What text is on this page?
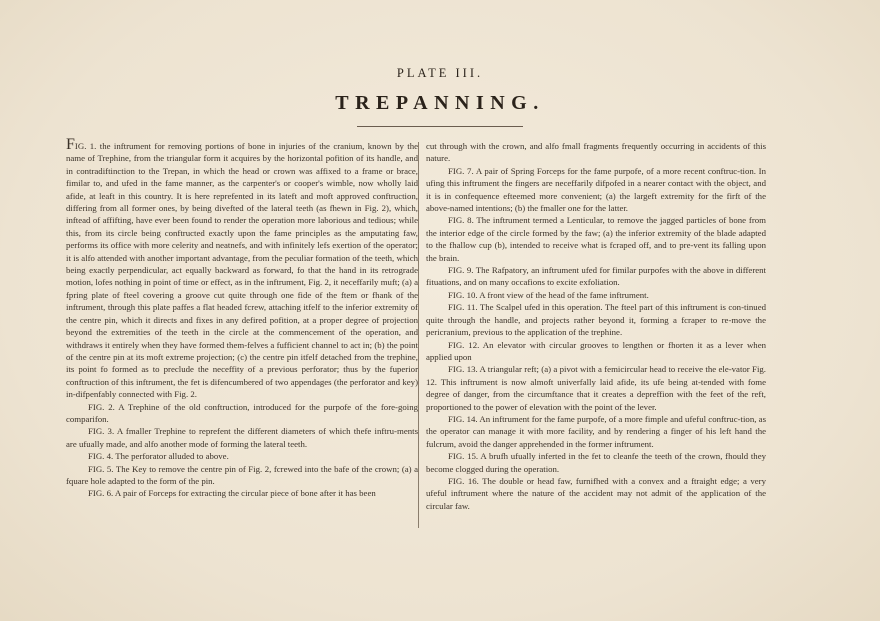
PLATE III.
TREPANNING.

FIG. 1. the inftrument for removing portions of bone in injuries of the cranium, known by the name of Trephine, from the triangular form it acquires by the horizontal pofition of its handle, and in contradiftinction to the Trepan, in which the head or crown was affixed to a frame or brace, fimilar to, and ufed in the fame manner, as the carpenter's or cooper's wimble, now wholly laid afide, at leaft in this country. It is here reprefented in its lateft and moft approved conftruction, differing from all former ones, by being divefted of the lateral teeth (as fhewn in Fig. 2), which, inftead of affifting, have ever been found to render the operation more laborious and tedious; while this, from its circle being conftructed exactly upon the fame principles as the amputating faw, performs its office with more celerity and neatnefs, and with infinitely lefs exertion of the operator; it is alfo attended with another important advantage, from the peculiar formation of the teeth, which being exactly perpendicular, act equally backward as forward, fo that the hand in its retrograde motion, lofes nothing in point of time or effect, as in the inftrument, Fig. 2, it neceffarily muft; (a) a fpring plate of fteel covering a groove cut quite through one fide of the ftem or fhank of the inftrument, through this plate paffes a flat headed fcrew, attaching itfelf to the inferior extremity of the centre pin, which it directs and fixes in any defired pofition, at a proper degree of projection beyond the extremities of the teeth in the circle at the commencement of the operation, and withdraws it entirely when they have formed them-felves a fufficient channel to act in; (b) the point of the centre pin at its moft extreme projection; (c) the centre pin itfelf detached from the trephine, its point fo formed as to preclude the neceffity of a previous perforator; thus by the fuperior conftruction of this inftrument, the fet is difencumbered of two appendages (the perforator and key) in-difpenfably connected with Fig. 2.

FIG. 2. A Trephine of the old conftruction, introduced for the purpofe of the fore-going comparifon.

FIG. 3. A fmaller Trephine to reprefent the different diameters of which thefe inftru-ments are ufually made, and alfo another mode of forming the lateral teeth.

FIG. 4. The perforator alluded to above.

FIG. 5. The Key to remove the centre pin of Fig. 2, fcrewed into the bafe of the crown; (a) a fquare hole adapted to the form of the pin.

FIG. 6. A pair of Forceps for extracting the circular piece of bone after it has been

cut through with the crown, and alfo fmall fragments frequently occurring in accidents of this nature.

FIG. 7. A pair of Spring Forceps for the fame purpofe, of a more recent conftruc-tion. In ufing this inftrument the fingers are neceffarily difpofed in a nearer contact with the object, and it is in confequence efteemed more convenient; (a) the largeft extremity for the firft of the above-named intentions; (b) the fmaller one for the latter.

FIG. 8. The inftrument termed a Lenticular, to remove the jagged particles of bone from the interior edge of the circle formed by the faw; (a) the inferior extremity of the blade adapted to the fhallow cup (b), intended to receive what is fcraped off, and to pre-vent its falling upon the brain.

FIG. 9. The Rafpatory, an inftrument ufed for fimilar purpofes with the above in different fituations, and on many occafions to excite exfoliation.

FIG. 10. A front view of the head of the fame inftrument.

FIG. 11. The Scalpel ufed in this operation. The fteel part of this inftrument is con-tinued quite through the handle, and projects rather beyond it, forming a fcraper to re-move the pericranium, previous to the application of the trephine.

FIG. 12. An elevator with circular grooves to lengthen or fhorten it as a lever when applied upon

FIG. 13. A triangular reft; (a) a pivot with a femicircular head to receive the ele-vator Fig. 12. This inftrument is now almoft univerfally laid afide, its ufe being at-tended with fome degree of danger, from the circumftance that it creates a depreffion with the feet of the reft, proportioned to the power of elevation with the point of the lever.

FIG. 14. An inftrument for the fame purpofe, of a more fimple and ufeful conftruc-tion, as the operator can manage it with more facility, and by rendering a finger of his left hand the fulcrum, avoid the danger apprehended in the former inftrument.

FIG. 15. A brufh ufually inferted in the fet to cleanfe the teeth of the crown, fhould they become clogged during the operation.

FIG. 16. The double or head faw, furnifhed with a convex and a ftraight edge; a very ufeful inftrument where the nature of the accident may not admit of the application of the circular faw.
